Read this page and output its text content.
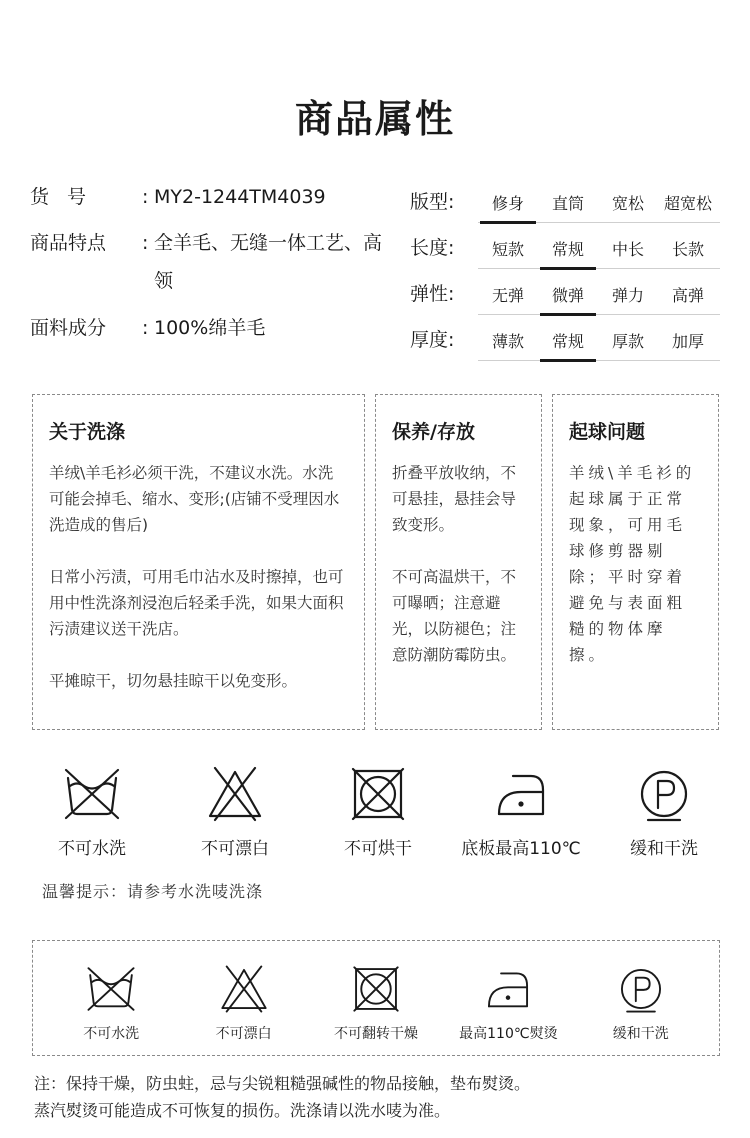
商品属性
货号	: MY2-1244TM4039
商品特点	: 全羊毛、无缝一体工艺、高领
面料成分	: 100%绵羊毛
版型:	修身	直筒	宽松	超宽松
长度:	短款	常规	中长	长款
弹性:	无弹	微弹	弹力	高弹
厚度:	薄款	常规	厚款	加厚
关于洗涤
羊绒\羊毛衫必须干洗，不建议水洗。水洗可能会掉毛、缩水、变形;(店铺不受理因水洗造成的售后)
日常小污渍，可用毛巾沾水及时擦掉，也可用中性洗涤剂浸泡后轻柔手洗，如果大面积污渍建议送干洗店。
平摊晾干，切勿悬挂晾干以免变形。
保养/存放
折叠平放收纳，不可悬挂，悬挂会导致变形。
不可高温烘干，不可曝晒；注意避光，以防褪色；注意防潮防霉防虫。
起球问题
羊绒\羊毛衫的起球属于正常现象，可用毛球修剪器剔除；平时穿着避免与表面粗糙的物体摩擦。
不可水洗	不可漂白	不可烘干	底板最高110℃	缓和干洗
温馨提示：请参考水洗唛洗涤
不可水洗	不可漂白	不可翻转干燥	最高110℃熨烫	缓和干洗
注：保持干燥，防虫蛀，忌与尖锐粗糙强碱性的物品接触，垫布熨烫。
蒸汽熨烫可能造成不可恢复的损伤。洗涤请以洗水唛为准。
